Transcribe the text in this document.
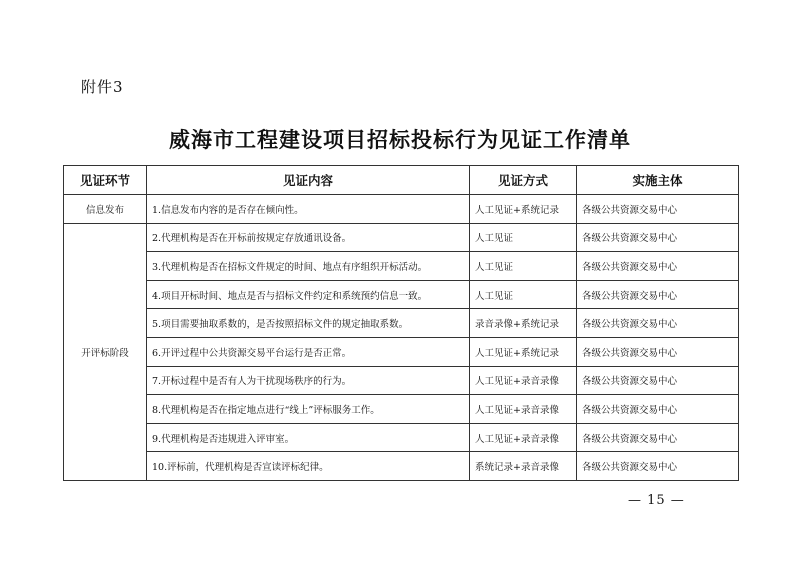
附件3
威海市工程建设项目招标投标行为见证工作清单
见证环节	见证内容	见证方式	实施主体
信息发布	1.信息发布内容的是否存在倾向性。	人工见证+系统记录	各级公共资源交易中心
开评标阶段	2.代理机构是否在开标前按规定存放通讯设备。	人工见证	各级公共资源交易中心
	3.代理机构是否在招标文件规定的时间、地点有序组织开标活动。	人工见证	各级公共资源交易中心
	4.项目开标时间、地点是否与招标文件约定和系统预约信息一致。	人工见证	各级公共资源交易中心
	5.项目需要抽取系数的，是否按照招标文件的规定抽取系数。	录音录像+系统记录	各级公共资源交易中心
	6.开评过程中公共资源交易平台运行是否正常。	人工见证+系统记录	各级公共资源交易中心
	7.开标过程中是否有人为干扰现场秩序的行为。	人工见证+录音录像	各级公共资源交易中心
	8.代理机构是否在指定地点进行“线上”评标服务工作。	人工见证+录音录像	各级公共资源交易中心
	9.代理机构是否违规进入评审室。	人工见证+录音录像	各级公共资源交易中心
	10.评标前，代理机构是否宣读评标纪律。	系统记录+录音录像	各级公共资源交易中心
— 15 —
